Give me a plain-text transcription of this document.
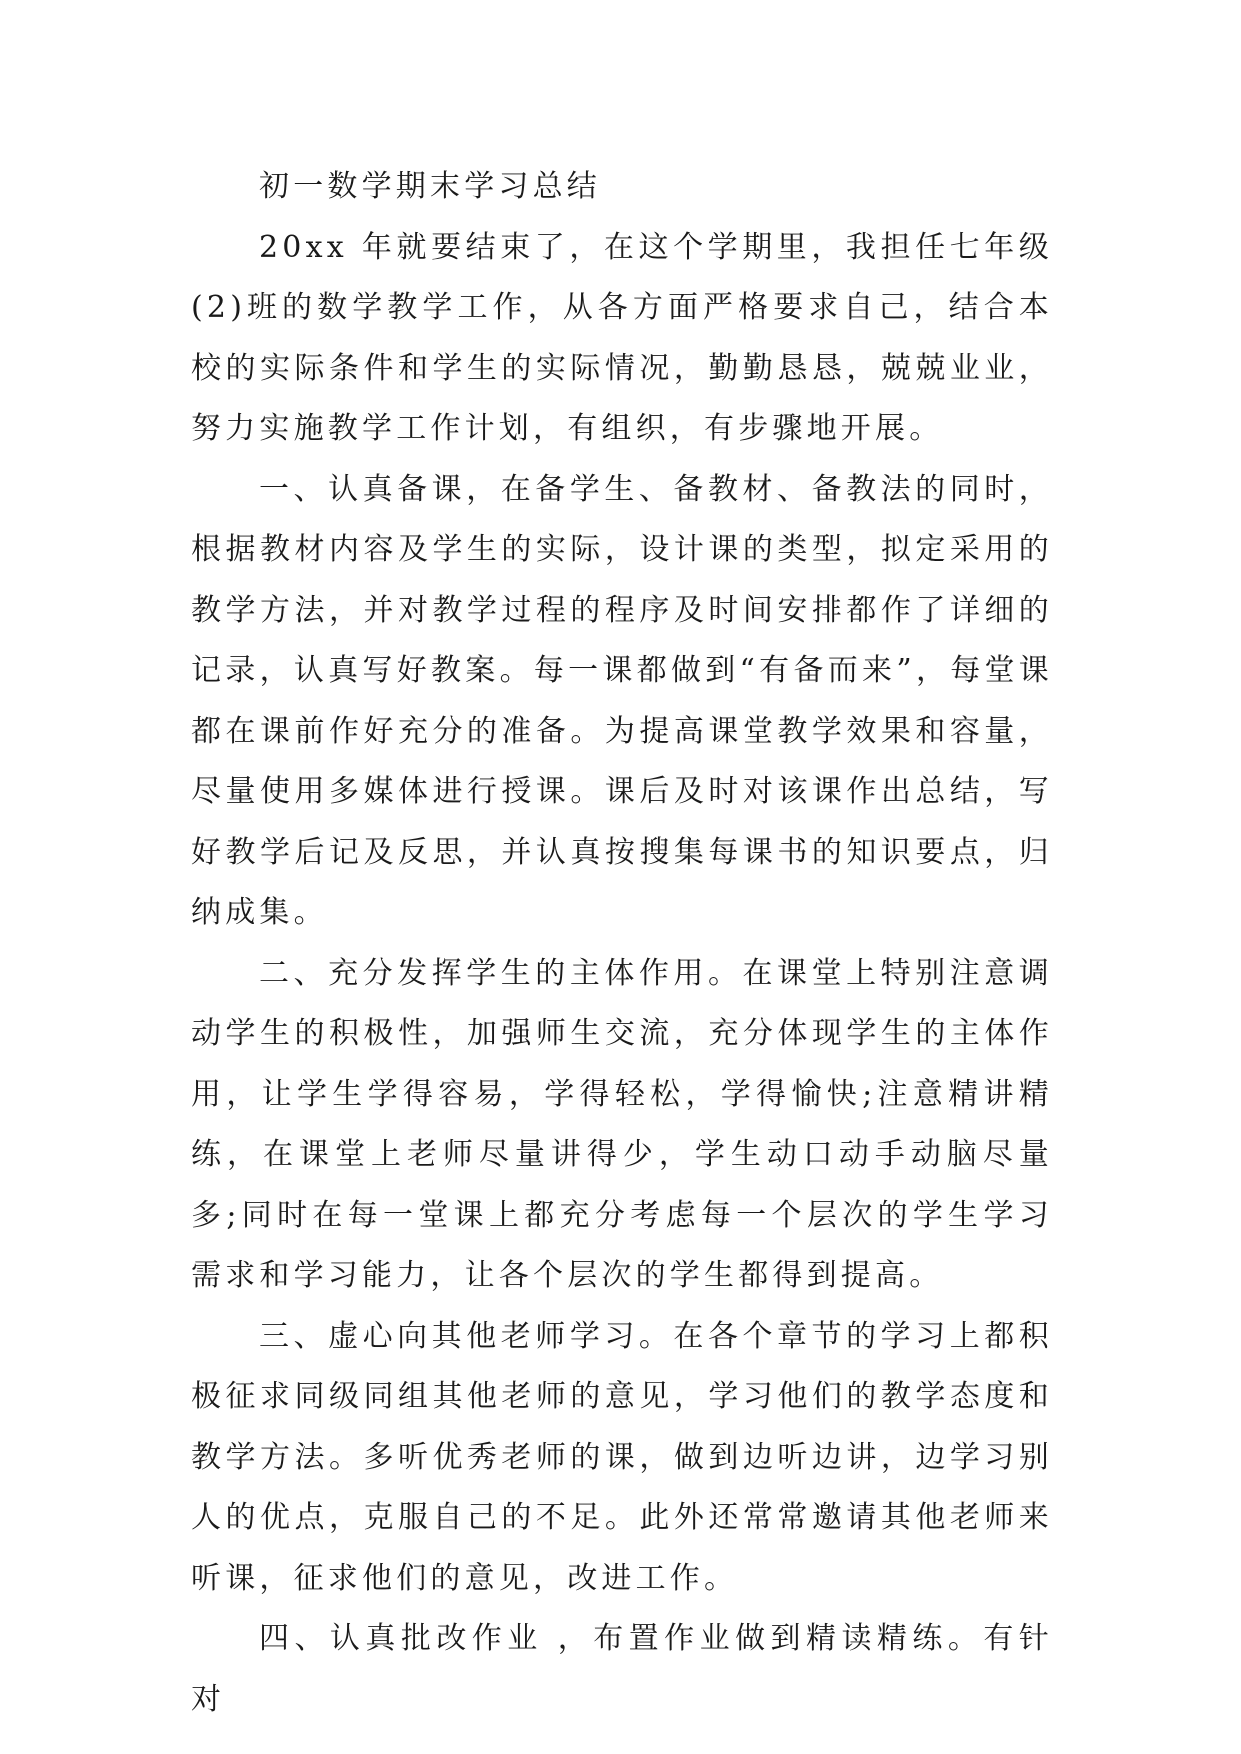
初一数学期末学习总结

20xx 年就要结束了，在这个学期里，我担任七年级(2)班的数学教学工作，从各方面严格要求自己，结合本校的实际条件和学生的实际情况，勤勤恳恳，兢兢业业，努力实施教学工作计划，有组织，有步骤地开展。

一、认真备课，在备学生、备教材、备教法的同时，根据教材内容及学生的实际，设计课的类型，拟定采用的教学方法，并对教学过程的程序及时间安排都作了详细的记录，认真写好教案。每一课都做到“有备而来”，每堂课都在课前作好充分的准备。为提高课堂教学效果和容量，尽量使用多媒体进行授课。课后及时对该课作出总结，写好教学后记及反思，并认真按搜集每课书的知识要点，归纳成集。

二、充分发挥学生的主体作用。在课堂上特别注意调动学生的积极性，加强师生交流，充分体现学生的主体作用，让学生学得容易，学得轻松，学得愉快;注意精讲精练，在课堂上老师尽量讲得少，学生动口动手动脑尽量多;同时在每一堂课上都充分考虑每一个层次的学生学习需求和学习能力，让各个层次的学生都得到提高。

三、虚心向其他老师学习。在各个章节的学习上都积极征求同级同组其他老师的意见，学习他们的教学态度和教学方法。多听优秀老师的课，做到边听边讲，边学习别人的优点，克服自己的不足。此外还常常邀请其他老师来听课，征求他们的意见，改进工作。

四、认真批改作业 ，布置作业做到精读精练。有针对
